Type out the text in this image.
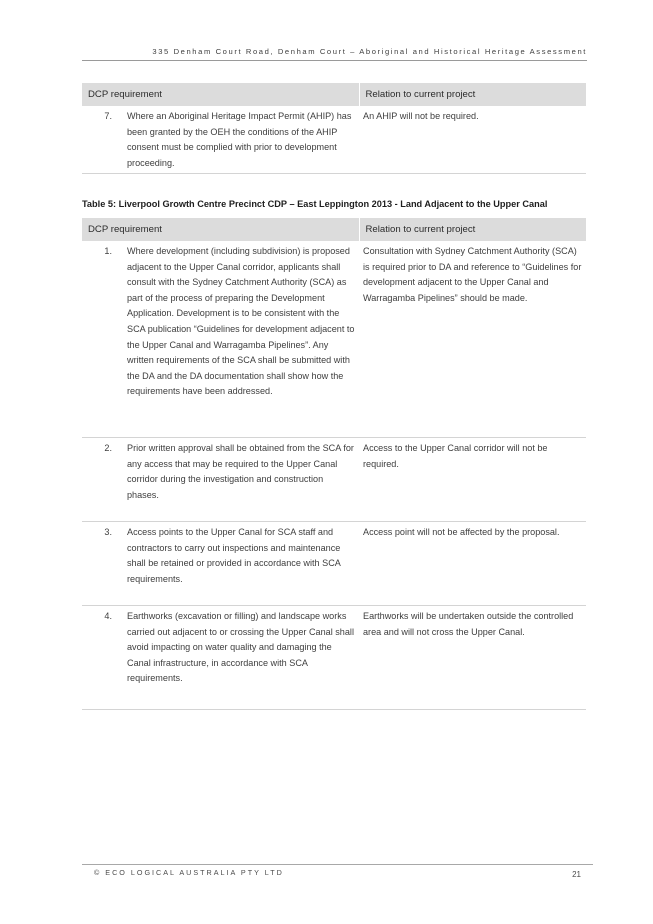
335 Denham Court Road, Denham Court – Aboriginal and Historical Heritage Assessment
DCP requirement	Relation to current project

7. Where an Aboriginal Heritage Impact Permit (AHIP) has been granted by the OEH the conditions of the AHIP consent must be complied with prior to development proceeding.	An AHIP will not be required.
Table 5: Liverpool Growth Centre Precinct CDP – East Leppington 2013 - Land Adjacent to the Upper Canal
DCP requirement	Relation to current project

1. Where development (including subdivision) is proposed adjacent to the Upper Canal corridor, applicants shall consult with the Sydney Catchment Authority (SCA) as part of the process of preparing the Development Application. Development is to be consistent with the SCA publication “Guidelines for development adjacent to the Upper Canal and Warragamba Pipelines”. Any written requirements of the SCA shall be submitted with the DA and the DA documentation shall show how the requirements have been addressed.	Consultation with Sydney Catchment Authority (SCA) is required prior to DA and reference to “Guidelines for development adjacent to the Upper Canal and Warragamba Pipelines” should be made.

2. Prior written approval shall be obtained from the SCA for any access that may be required to the Upper Canal corridor during the investigation and construction phases.	Access to the Upper Canal corridor will not be required.

3. Access points to the Upper Canal for SCA staff and contractors to carry out inspections and maintenance shall be retained or provided in accordance with SCA requirements.	Access point will not be affected by the proposal.

4. Earthworks (excavation or filling) and landscape works carried out adjacent to or crossing the Upper Canal shall avoid impacting on water quality and damaging the Canal infrastructure, in accordance with SCA requirements.	Earthworks will be undertaken outside the controlled area and will not cross the Upper Canal.
© ECO LOGICAL AUSTRALIA PTY LTD	21
